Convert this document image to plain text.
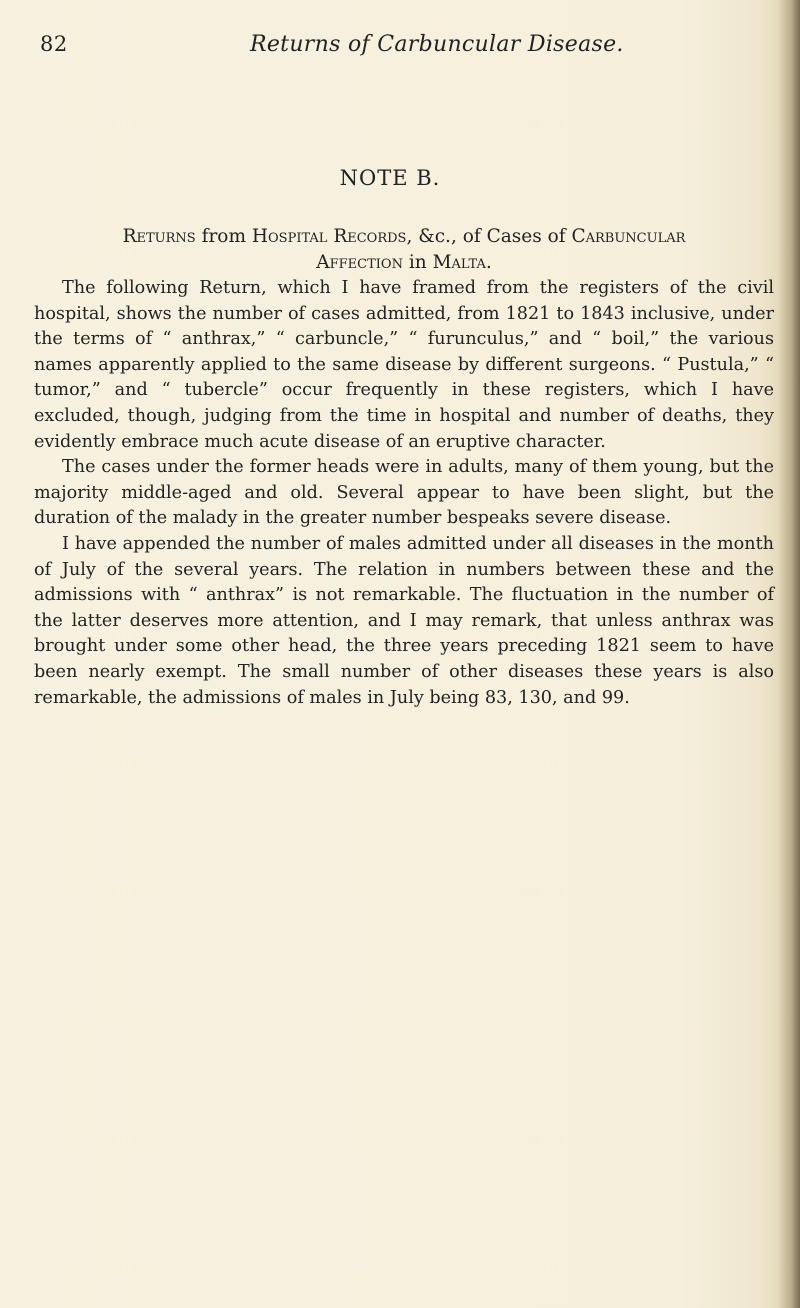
82	Returns of Carbuncular Disease.
NOTE B.
Returns from Hospital Records, &c., of Cases of Carbuncular
Affection in Malta.

The following Return, which I have framed from the registers of the civil hospital, shows the number of cases admitted, from 1821 to 1843 inclusive, under the terms of “ anthrax,” “ carbuncle,” “ furunculus,” and “ boil,” the various names apparently applied to the same disease by different surgeons. “ Pustula,” “ tumor,” and “ tubercle” occur frequently in these registers, which I have excluded, though, judging from the time in hospital and number of deaths, they evidently embrace much acute disease of an eruptive character.

The cases under the former heads were in adults, many of them young, but the majority middle-aged and old. Several appear to have been slight, but the duration of the malady in the greater number bespeaks severe disease.

I have appended the number of males admitted under all diseases in the month of July of the several years. The relation in numbers between these and the admissions with “ anthrax” is not remarkable. The fluctuation in the number of the latter deserves more attention, and I may remark, that unless anthrax was brought under some other head, the three years preceding 1821 seem to have been nearly exempt. The small number of other diseases these years is also remarkable, the admissions of males in July being 83, 130, and 99.
